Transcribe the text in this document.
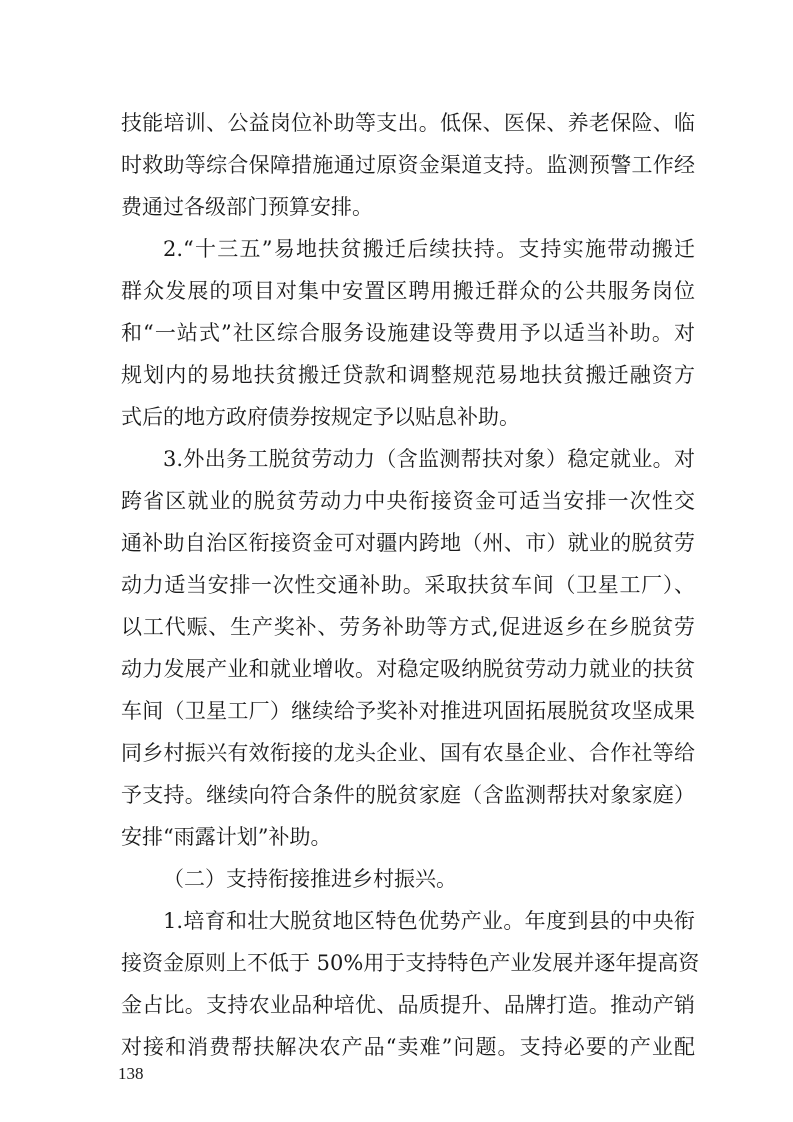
技能培训、公益岗位补助等支出。低保、医保、养老保险、临
时救助等综合保障措施通过原资金渠道支持。监测预警工作经
费通过各级部门预算安排。
2.“十三五”易地扶贫搬迁后续扶持。支持实施带动搬迁
群众发展的项目对集中安置区聘用搬迁群众的公共服务岗位
和“一站式”社区综合服务设施建设等费用予以适当补助。对
规划内的易地扶贫搬迁贷款和调整规范易地扶贫搬迁融资方
式后的地方政府债券按规定予以贴息补助。
3.外出务工脱贫劳动力（含监测帮扶对象）稳定就业。对
跨省区就业的脱贫劳动力中央衔接资金可适当安排一次性交
通补助自治区衔接资金可对疆内跨地（州、市）就业的脱贫劳
动力适当安排一次性交通补助。采取扶贫车间（卫星工厂）、
以工代赈、生产奖补、劳务补助等方式,促进返乡在乡脱贫劳
动力发展产业和就业增收。对稳定吸纳脱贫劳动力就业的扶贫
车间（卫星工厂）继续给予奖补对推进巩固拓展脱贫攻坚成果
同乡村振兴有效衔接的龙头企业、国有农垦企业、合作社等给
予支持。继续向符合条件的脱贫家庭（含监测帮扶对象家庭）
安排“雨露计划”补助。
（二）支持衔接推进乡村振兴。
1.培育和壮大脱贫地区特色优势产业。年度到县的中央衔
接资金原则上不低于 50%用于支持特色产业发展并逐年提高资
金占比。支持农业品种培优、品质提升、品牌打造。推动产销
对接和消费帮扶解决农产品“卖难”问题。支持必要的产业配
138
